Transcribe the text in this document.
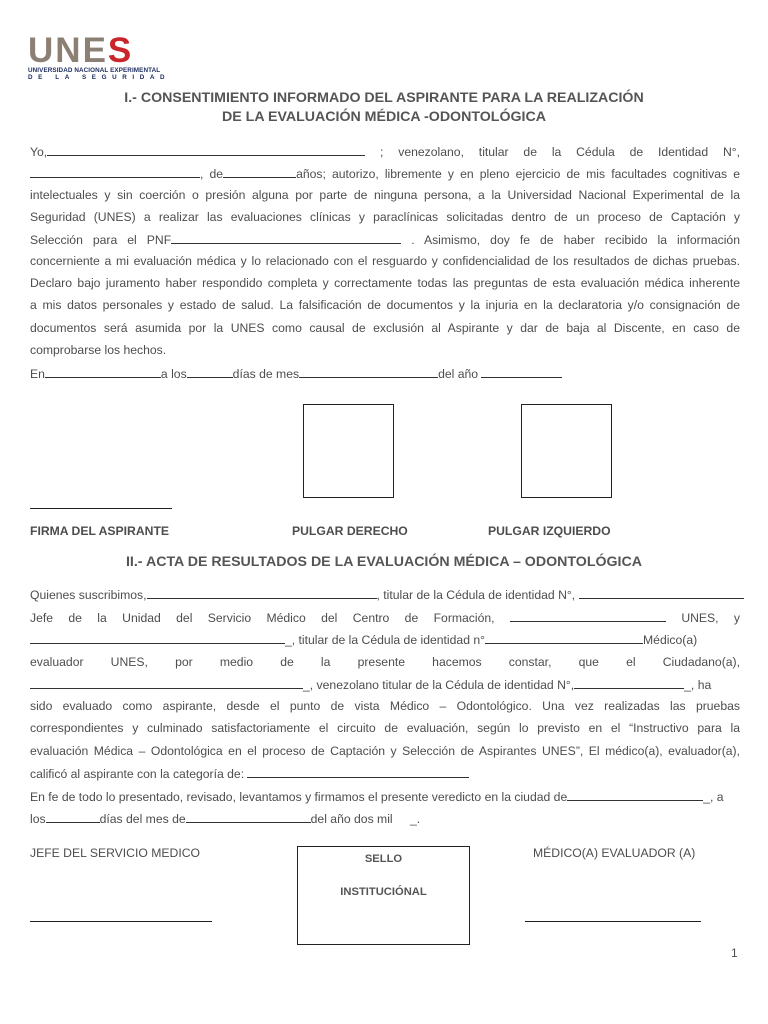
U N E S
UNIVERSIDAD NACIONAL EXPERIMENTAL
DE LA SEGURIDAD
I.- CONSENTIMIENTO INFORMADO DEL ASPIRANTE PARA LA REALIZACIÓN
DE LA EVALUACIÓN MÉDICA -ODONTOLÓGICA

Yo,	; venezolano, titular de la Cédula de Identidad N°,

, de	años; autorizo, libremente y en pleno ejercicio de mis facultades cognitivas e

intelectuales y sin coerción o presión alguna por parte de ninguna persona, a la Universidad Nacional Experimental de la

Seguridad (UNES) a realizar las evaluaciones clínicas y paraclínicas solicitadas dentro de un proceso de Captación y

Selección para el PNF	. Asimismo, doy fe de haber recibido la información

concerniente a mi evaluación médica y lo relacionado con el resguardo y confidencialidad de los resultados de dichas pruebas.

Declaro bajo juramento haber respondido completa y correctamente todas las preguntas de esta evaluación médica inherente

a mis datos personales y estado de salud. La falsificación de documentos y la injuria en la declaratoria y/o consignación de

documentos será asumida por la UNES como causal de exclusión al Aspirante y dar de baja al Discente, en caso de

comprobarse los hechos.

En	a los	días de mes	del año

FIRMA DEL ASPIRANTE	PULGAR DERECHO	PULGAR IZQUIERDO
II.- ACTA DE RESULTADOS DE LA EVALUACIÓN MÉDICA – ODONTOLÓGICA

Quienes suscribimos,	, titular de la Cédula de identidad N°,

Jefe de la Unidad del Servicio Médico del Centro de Formación,	UNES, y

_, titular de la Cédula de identidad n°	Médico(a)

evaluador UNES, por medio de la presente hacemos constar, que el Ciudadano(a),

_, venezolano titular de la Cédula de identidad N°,	_, ha

sido evaluado como aspirante, desde el punto de vista Médico – Odontológico. Una vez realizadas las pruebas

correspondientes y culminado satisfactoriamente el circuito de evaluación, según lo previsto en el “Instructivo para la

evaluación Médica – Odontológica en el proceso de Captación y Selección de Aspirantes UNES”, El médico(a), evaluador(a),

calificó al aspirante con la categoría de:

En fe de todo lo presentado, revisado, levantamos y firmamos el presente veredicto en la ciudad de	_, a

los	días del mes de	del año dos mil _.

JEFE DEL SERVICIO MEDICO	MÉDICO(A) EVALUADOR (A)
SELLO
INSTITUCIÓNAL
1
